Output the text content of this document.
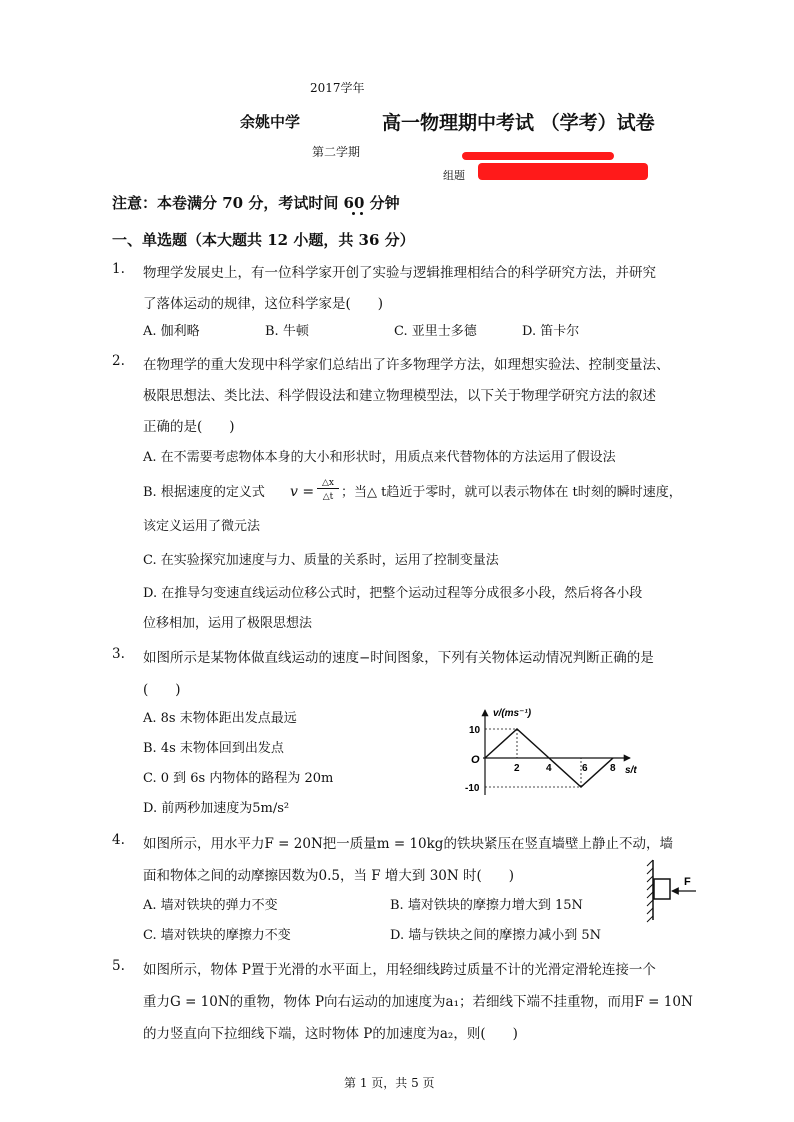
2017学年
余姚中学	高一物理期中考试 （学考）试卷
第二学期
组题
注意：本卷满分 70 分，考试时间 60 分钟
一、单选题（本大题共 12 小题，共 36 分）
1. 物理学发展史上，有一位科学家开创了实验与逻辑推理相结合的科学研究方法，并研究
了落体运动的规律，这位科学家是(　　)
A. 伽利略	B. 牛顿	C. 亚里士多德	D. 笛卡尔
2. 在物理学的重大发现中科学家们总结出了许多物理学方法，如理想实验法、控制变量法、
极限思想法、类比法、科学假设法和建立物理模型法，以下关于物理学研究方法的叙述
正确的是(　　)
A. 在不需要考虑物体本身的大小和形状时，用质点来代替物体的方法运用了假设法
B. 根据速度的定义式 v =
△x
△t ；当△ t趋近于零时，就可以表示物体在 t时刻的瞬时速度，
该定义运用了微元法
C. 在实验探究加速度与力、质量的关系时，运用了控制变量法
D. 在推导匀变速直线运动位移公式时，把整个运动过程等分成很多小段，然后将各小段
位移相加，运用了极限思想法
3. 如图所示是某物体做直线运动的速度−时间图象，下列有关物体运动情况判断正确的是
(　　)
A. 8s 末物体距出发点最远
B. 4s 末物体回到出发点
C. 0 到 6s 内物体的路程为 20m
D. 前两秒加速度为5m/s²
v/(ms⁻¹)
s/t
O
2	4	6 8
10
-10
4. 如图所示，用水平力F = 20N把一质量m = 10kg的铁块紧压在竖直墙壁上静止不动，墙
面和物体之间的动摩擦因数为0.5，当 F 增大到 30N 时(　　)
A. 墙对铁块的弹力不变	B. 墙对铁块的摩擦力增大到 15N
C. 墙对铁块的摩擦力不变	D. 墙与铁块之间的摩擦力减小到 5N
F
5. 如图所示，物体 P置于光滑的水平面上，用轻细线跨过质量不计的光滑定滑轮连接一个
重力G = 10N的重物，物体 P向右运动的加速度为a₁；若细线下端不挂重物，而用F = 10N
的力竖直向下拉细线下端，这时物体 P的加速度为a₂，则(　　)
第 1 页，共 5 页
